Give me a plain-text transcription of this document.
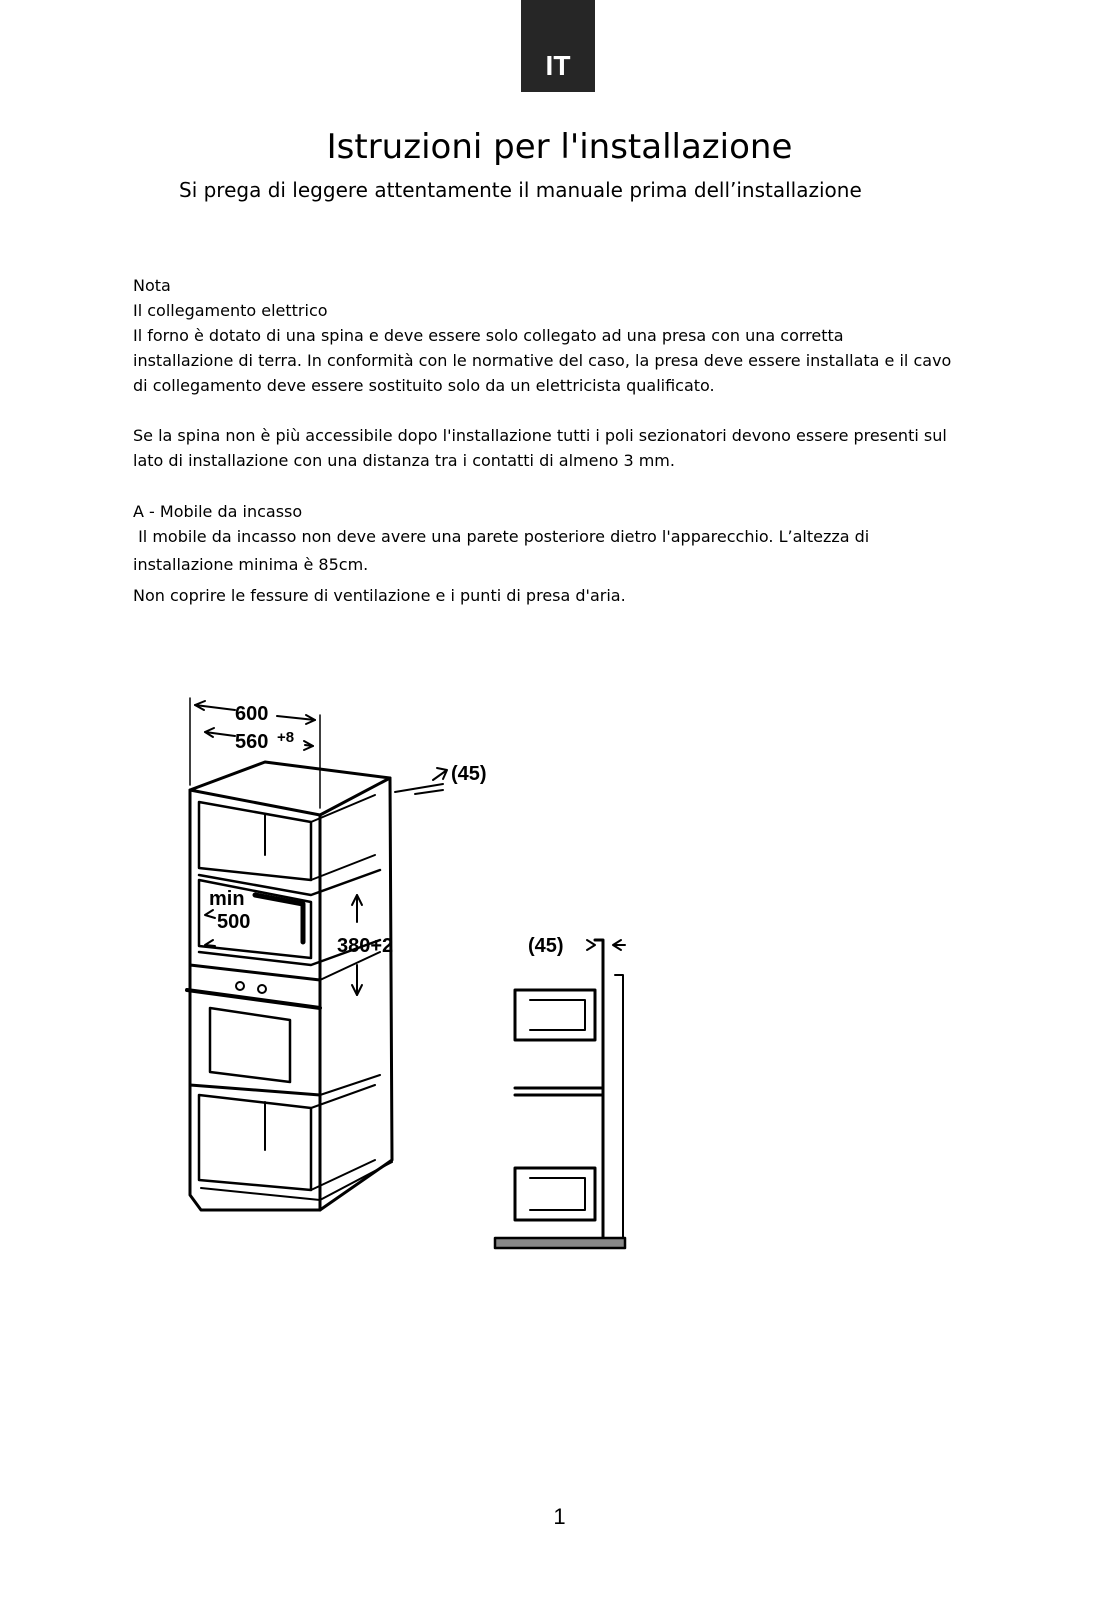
IT
Istruzioni per l'installazione

Si prega di leggere attentamente il manuale prima dell’installazione

Nota

Il collegamento elettrico

Il forno è dotato di una spina e deve essere solo collegato ad una presa con una corretta

installazione di terra. In conformità con le normative del caso, la presa deve essere installata e il cavo

di collegamento deve essere sostituito solo da un elettricista qualificato.

Se la spina non è più accessibile dopo l'installazione tutti i poli sezionatori devono essere presenti sul

lato di installazione con una distanza tra i contatti di almeno 3 mm.

A - Mobile da incasso

Il mobile da incasso non deve avere una parete posteriore dietro l'apparecchio. L’altezza di

installazione minima è 85cm.

Non coprire le fessure di ventilazione e i punti di presa d'aria.

600
560 +8
(45)
min
500
380+2	(45)
1
